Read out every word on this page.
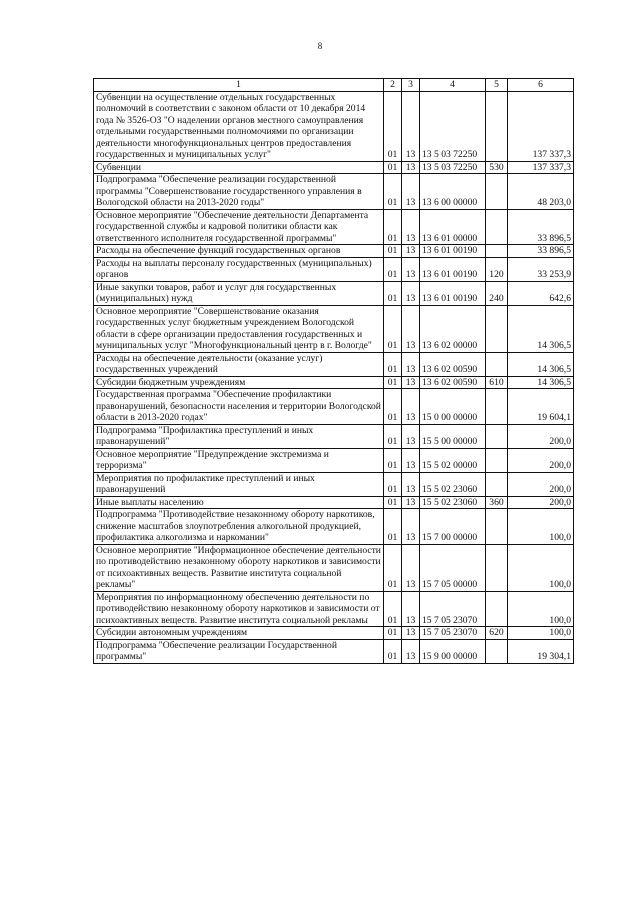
8
1	2	3	4	5	6
Субвенции на осуществление отдельных государственных полномочий в соответствии с законом области от 10 декабря 2014 года № 3526-ОЗ "О наделении органов местного самоуправления отдельными государственными полномочиями по организации деятельности многофункциональных центров предоставления государственных и муниципальных услуг"	01	13	13 5 03 72250		137 337,3
Субвенции	01	13	13 5 03 72250	530	137 337,3
Подпрограмма "Обеспечение реализации государственной программы "Совершенствование государственного управления в Вологодской области на 2013-2020 годы"	01	13	13 6 00 00000		48 203,0
Основное мероприятие "Обеспечение деятельности Департамента государственной службы и кадровой политики области как ответственного исполнителя государственной программы"	01	13	13 6 01 00000		33 896,5
Расходы на обеспечение функций государственных органов	01	13	13 6 01 00190		33 896,5
Расходы на выплаты персоналу государственных (муниципальных) органов	01	13	13 6 01 00190	120	33 253,9
Иные закупки товаров, работ и услуг для государственных (муниципальных) нужд	01	13	13 6 01 00190	240	642,6
Основное мероприятие "Совершенствование оказания государственных услуг бюджетным учреждением Вологодской области в сфере организации предоставления государственных и муниципальных услуг "Многофункциональный центр в г. Вологде"	01	13	13 6 02 00000		14 306,5
Расходы на обеспечение деятельности (оказание услуг) государственных учреждений	01	13	13 6 02 00590		14 306,5
Субсидии бюджетным учреждениям	01	13	13 6 02 00590	610	14 306,5
Государственная программа "Обеспечение профилактики правонарушений, безопасности населения и территории Вологодской области в 2013-2020 годах"	01	13	15 0 00 00000		19 604,1
Подпрограмма "Профилактика преступлений и иных правонарушений"	01	13	15 5 00 00000		200,0
Основное мероприятие "Предупреждение экстремизма и терроризма"	01	13	15 5 02 00000		200,0
Мероприятия по профилактике преступлений и иных правонарушений	01	13	15 5 02 23060		200,0
Иные выплаты населению	01	13	15 5 02 23060	360	200,0
Подпрограмма "Противодействие незаконному обороту наркотиков, снижение масштабов злоупотребления алкогольной продукцией, профилактика алкоголизма и наркомании"	01	13	15 7 00 00000		100,0
Основное мероприятие "Информационное обеспечение деятельности по противодействию незаконному обороту наркотиков и зависимости от психоактивных веществ. Развитие института социальной рекламы"	01	13	15 7 05 00000		100,0
Мероприятия по информационному обеспечению деятельности по противодействию незаконному обороту наркотиков и зависимости от психоактивных веществ. Развитие института социальной рекламы	01	13	15 7 05 23070		100,0
Субсидии автономным учреждениям	01	13	15 7 05 23070	620	100,0
Подпрограмма "Обеспечение реализации Государственной программы"	01	13	15 9 00 00000		19 304,1
